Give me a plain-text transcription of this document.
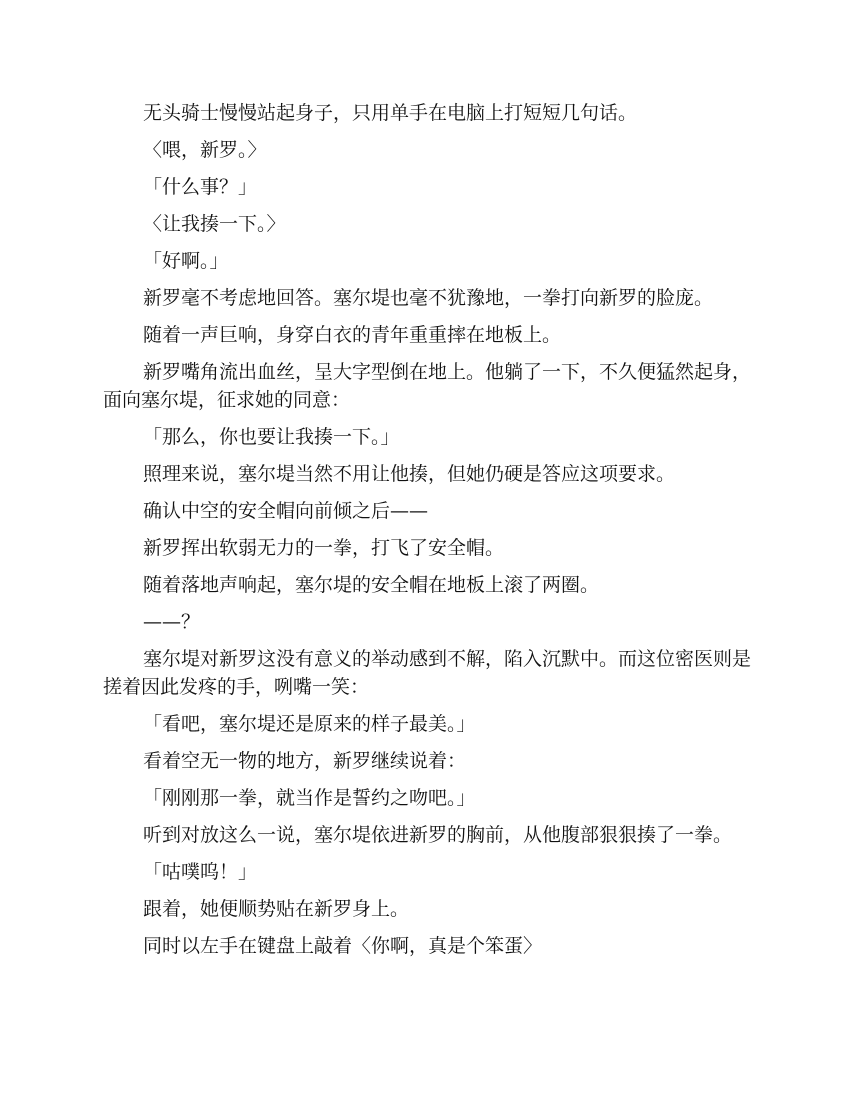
无头骑士慢慢站起身子，只用单手在电脑上打短短几句话。

〈喂，新罗。〉

「什么事？」

〈让我揍一下。〉

「好啊。」

新罗毫不考虑地回答。塞尔堤也毫不犹豫地，一拳打向新罗的脸庞。

随着一声巨响，身穿白衣的青年重重摔在地板上。

新罗嘴角流出血丝，呈大字型倒在地上。他躺了一下，不久便猛然起身，面向塞尔堤，征求她的同意：

「那么，你也要让我揍一下。」

照理来说，塞尔堤当然不用让他揍，但她仍硬是答应这项要求。

确认中空的安全帽向前倾之后——

新罗挥出软弱无力的一拳，打飞了安全帽。

随着落地声响起，塞尔堤的安全帽在地板上滚了两圈。

——？

塞尔堤对新罗这没有意义的举动感到不解，陷入沉默中。而这位密医则是搓着因此发疼的手，咧嘴一笑：

「看吧，塞尔堤还是原来的样子最美。」

看着空无一物的地方，新罗继续说着：

「刚刚那一拳，就当作是誓约之吻吧。」

听到对放这么一说，塞尔堤依进新罗的胸前，从他腹部狠狠揍了一拳。

「咕噗呜！」

跟着，她便顺势贴在新罗身上。

同时以左手在键盘上敲着〈你啊，真是个笨蛋〉
